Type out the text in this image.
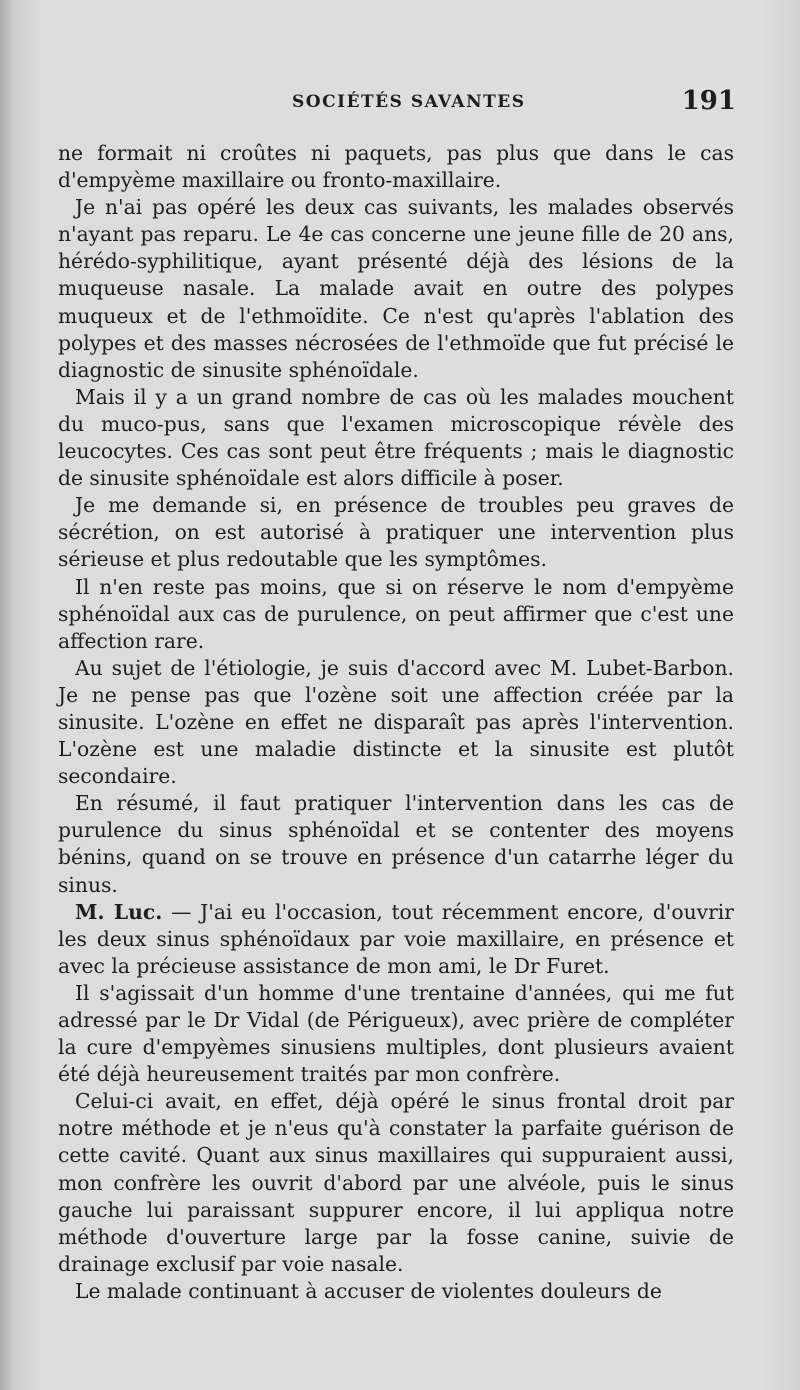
SOCIÉTÉS SAVANTES	191

ne formait ni croûtes ni paquets, pas plus que dans le cas d'empyème maxillaire ou fronto-maxillaire.

Je n'ai pas opéré les deux cas suivants, les malades observés n'ayant pas reparu. Le 4e cas concerne une jeune fille de 20 ans, hérédo-syphilitique, ayant présenté déjà des lésions de la muqueuse nasale. La malade avait en outre des polypes muqueux et de l'ethmoïdite. Ce n'est qu'après l'ablation des polypes et des masses nécrosées de l'ethmoïde que fut précisé le diagnostic de sinusite sphénoïdale.

Mais il y a un grand nombre de cas où les malades mouchent du muco-pus, sans que l'examen microscopique révèle des leucocytes. Ces cas sont peut être fréquents ; mais le diagnostic de sinusite sphénoïdale est alors difficile à poser.

Je me demande si, en présence de troubles peu graves de sécrétion, on est autorisé à pratiquer une intervention plus sérieuse et plus redoutable que les symptômes.

Il n'en reste pas moins, que si on réserve le nom d'empyème sphénoïdal aux cas de purulence, on peut affirmer que c'est une affection rare.

Au sujet de l'étiologie, je suis d'accord avec M. Lubet-Barbon. Je ne pense pas que l'ozène soit une affection créée par la sinusite. L'ozène en effet ne disparaît pas après l'intervention. L'ozène est une maladie distincte et la sinusite est plutôt secondaire.

En résumé, il faut pratiquer l'intervention dans les cas de purulence du sinus sphénoïdal et se contenter des moyens bénins, quand on se trouve en présence d'un catarrhe léger du sinus.

M. Luc. — J'ai eu l'occasion, tout récemment encore, d'ouvrir les deux sinus sphénoïdaux par voie maxillaire, en présence et avec la précieuse assistance de mon ami, le Dr Furet.

Il s'agissait d'un homme d'une trentaine d'années, qui me fut adressé par le Dr Vidal (de Périgueux), avec prière de compléter la cure d'empyèmes sinusiens multiples, dont plusieurs avaient été déjà heureusement traités par mon confrère.

Celui-ci avait, en effet, déjà opéré le sinus frontal droit par notre méthode et je n'eus qu'à constater la parfaite guérison de cette cavité. Quant aux sinus maxillaires qui suppuraient aussi, mon confrère les ouvrit d'abord par une alvéole, puis le sinus gauche lui paraissant suppurer encore, il lui appliqua notre méthode d'ouverture large par la fosse canine, suivie de drainage exclusif par voie nasale.

Le malade continuant à accuser de violentes douleurs de
